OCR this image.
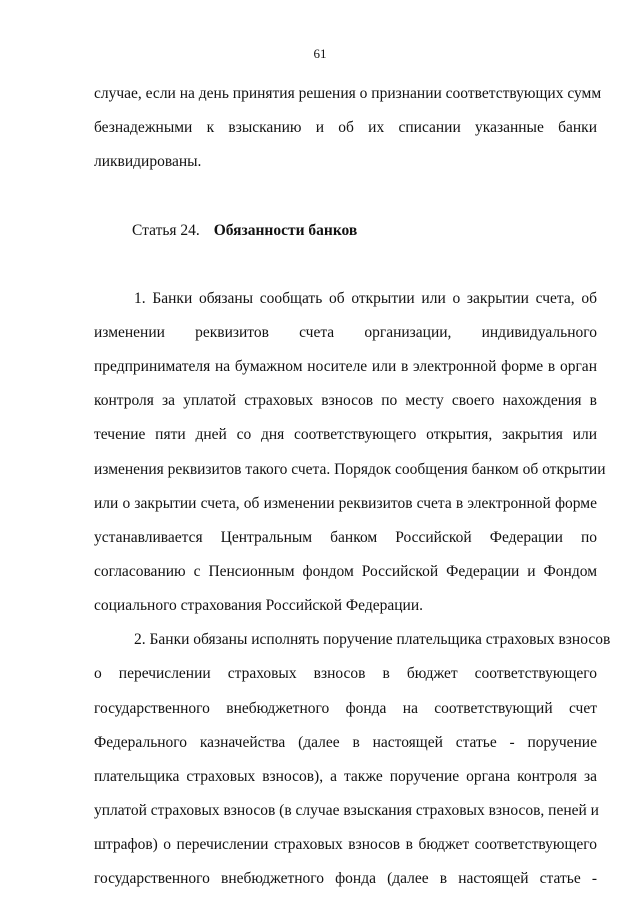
61
случае, если на день принятия решения о признании соответствующих сумм
безнадежными к взысканию и об их списании указанные банки
ликвидированы.
Статья 24. Обязанности банков
1. Банки обязаны сообщать об открытии или о закрытии счета, об
изменении реквизитов счета организации, индивидуального
предпринимателя на бумажном носителе или в электронной форме в орган
контроля за уплатой страховых взносов по месту своего нахождения в
течение пяти дней со дня соответствующего открытия, закрытия или
изменения реквизитов такого счета. Порядок сообщения банком об открытии
или о закрытии счета, об изменении реквизитов счета в электронной форме
устанавливается Центральным банком Российской Федерации по
согласованию с Пенсионным фондом Российской Федерации и Фондом
социального страхования Российской Федерации.
2. Банки обязаны исполнять поручение плательщика страховых взносов
о перечислении страховых взносов в бюджет соответствующего
государственного внебюджетного фонда на соответствующий счет
Федерального казначейства (далее в настоящей статье - поручение
плательщика страховых взносов), а также поручение органа контроля за
уплатой страховых взносов (в случае взыскания страховых взносов, пеней и
штрафов) о перечислении страховых взносов в бюджет соответствующего
государственного внебюджетного фонда (далее в настоящей статье -
